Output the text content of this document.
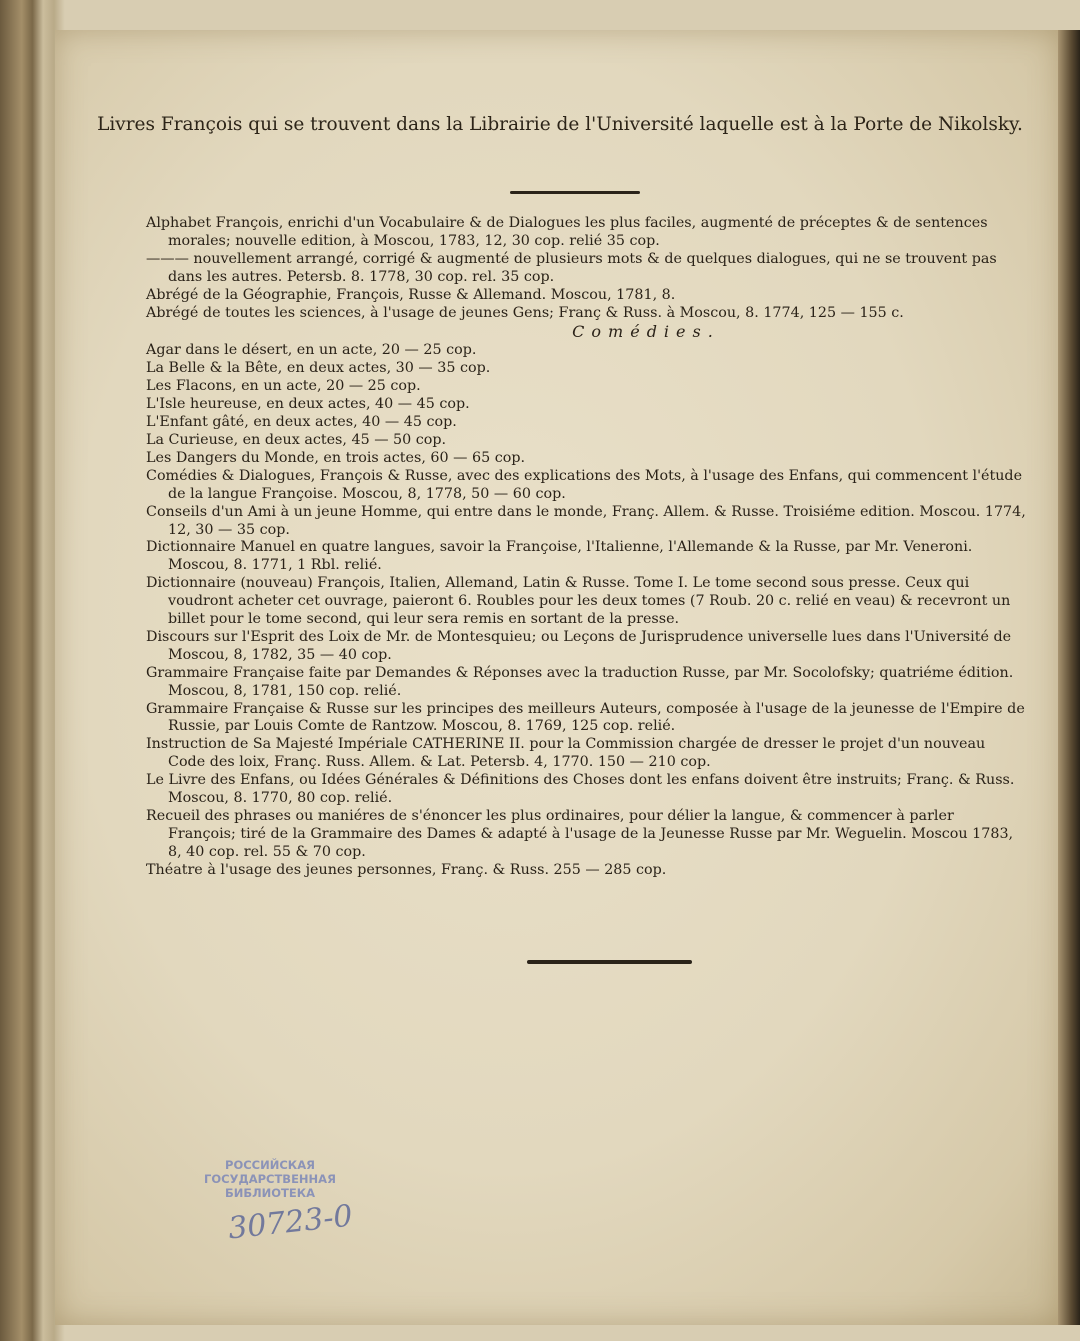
Livres François qui se trouvent dans la Librairie de l'Université laquelle est à la Porte de Nikolsky.

Alphabet François, enrichi d'un Vocabulaire & de Dialogues les plus faciles, augmenté de préceptes & de sentences morales; nouvelle edition, à Moscou, 1783, 12, 30 cop. relié 35 cop.

——— nouvellement arrangé, corrigé & augmenté de plusieurs mots & de quelques dialogues, qui ne se trouvent pas dans les autres. Petersb. 8. 1778, 30 cop. rel. 35 cop.

Abrégé de la Géographie, François, Russe & Allemand. Moscou, 1781, 8.

Abrégé de toutes les sciences, à l'usage de jeunes Gens; Franç & Russ. à Moscou, 8. 1774, 125 — 155 c.

Comédies.

Agar dans le désert, en un acte, 20 — 25 cop.

La Belle & la Bête, en deux actes, 30 — 35 cop.

Les Flacons, en un acte, 20 — 25 cop.

L'Isle heureuse, en deux actes, 40 — 45 cop.

L'Enfant gâté, en deux actes, 40 — 45 cop.

La Curieuse, en deux actes, 45 — 50 cop.

Les Dangers du Monde, en trois actes, 60 — 65 cop.

Comédies & Dialogues, François & Russe, avec des explications des Mots, à l'usage des Enfans, qui commencent l'étude de la langue Françoise. Moscou, 8, 1778, 50 — 60 cop.

Conseils d'un Ami à un jeune Homme, qui entre dans le monde, Franç. Allem. & Russe. Troisiéme edition. Moscou. 1774, 12, 30 — 35 cop.

Dictionnaire Manuel en quatre langues, savoir la Françoise, l'Italienne, l'Allemande & la Russe, par Mr. Veneroni. Moscou, 8. 1771, 1 Rbl. relié.

Dictionnaire (nouveau) François, Italien, Allemand, Latin & Russe. Tome I. Le tome second sous presse. Ceux qui voudront acheter cet ouvrage, paieront 6. Roubles pour les deux tomes (7 Roub. 20 c. relié en veau) & recevront un billet pour le tome second, qui leur sera remis en sortant de la presse.

Discours sur l'Esprit des Loix de Mr. de Montesquieu; ou Leçons de Jurisprudence universelle lues dans l'Université de Moscou, 8, 1782, 35 — 40 cop.

Grammaire Française faite par Demandes & Réponses avec la traduction Russe, par Mr. Socolofsky; quatriéme édition. Moscou, 8, 1781, 150 cop. relié.

Grammaire Française & Russe sur les principes des meilleurs Auteurs, composée à l'usage de la jeunesse de l'Empire de Russie, par Louis Comte de Rantzow. Moscou, 8. 1769, 125 cop. relié.

Instruction de Sa Majesté Impériale CATHERINE II. pour la Commission chargée de dresser le projet d'un nouveau Code des loix, Franç. Russ. Allem. & Lat. Petersb. 4, 1770. 150 — 210 cop.

Le Livre des Enfans, ou Idées Générales & Définitions des Choses dont les enfans doivent être instruits; Franç. & Russ. Moscou, 8. 1770, 80 cop. relié.

Recueil des phrases ou maniéres de s'énoncer les plus ordinaires, pour délier la langue, & commencer à parler François; tiré de la Grammaire des Dames & adapté à l'usage de la Jeunesse Russe par Mr. Weguelin. Moscou 1783, 8, 40 cop. rel. 55 & 70 cop.

Théatre à l'usage des jeunes personnes, Franç. & Russ. 255 — 285 cop.

РОССИЙСКАЯ
ГОСУДАРСТВЕННАЯ
БИБЛИОТЕКА
30723-0
